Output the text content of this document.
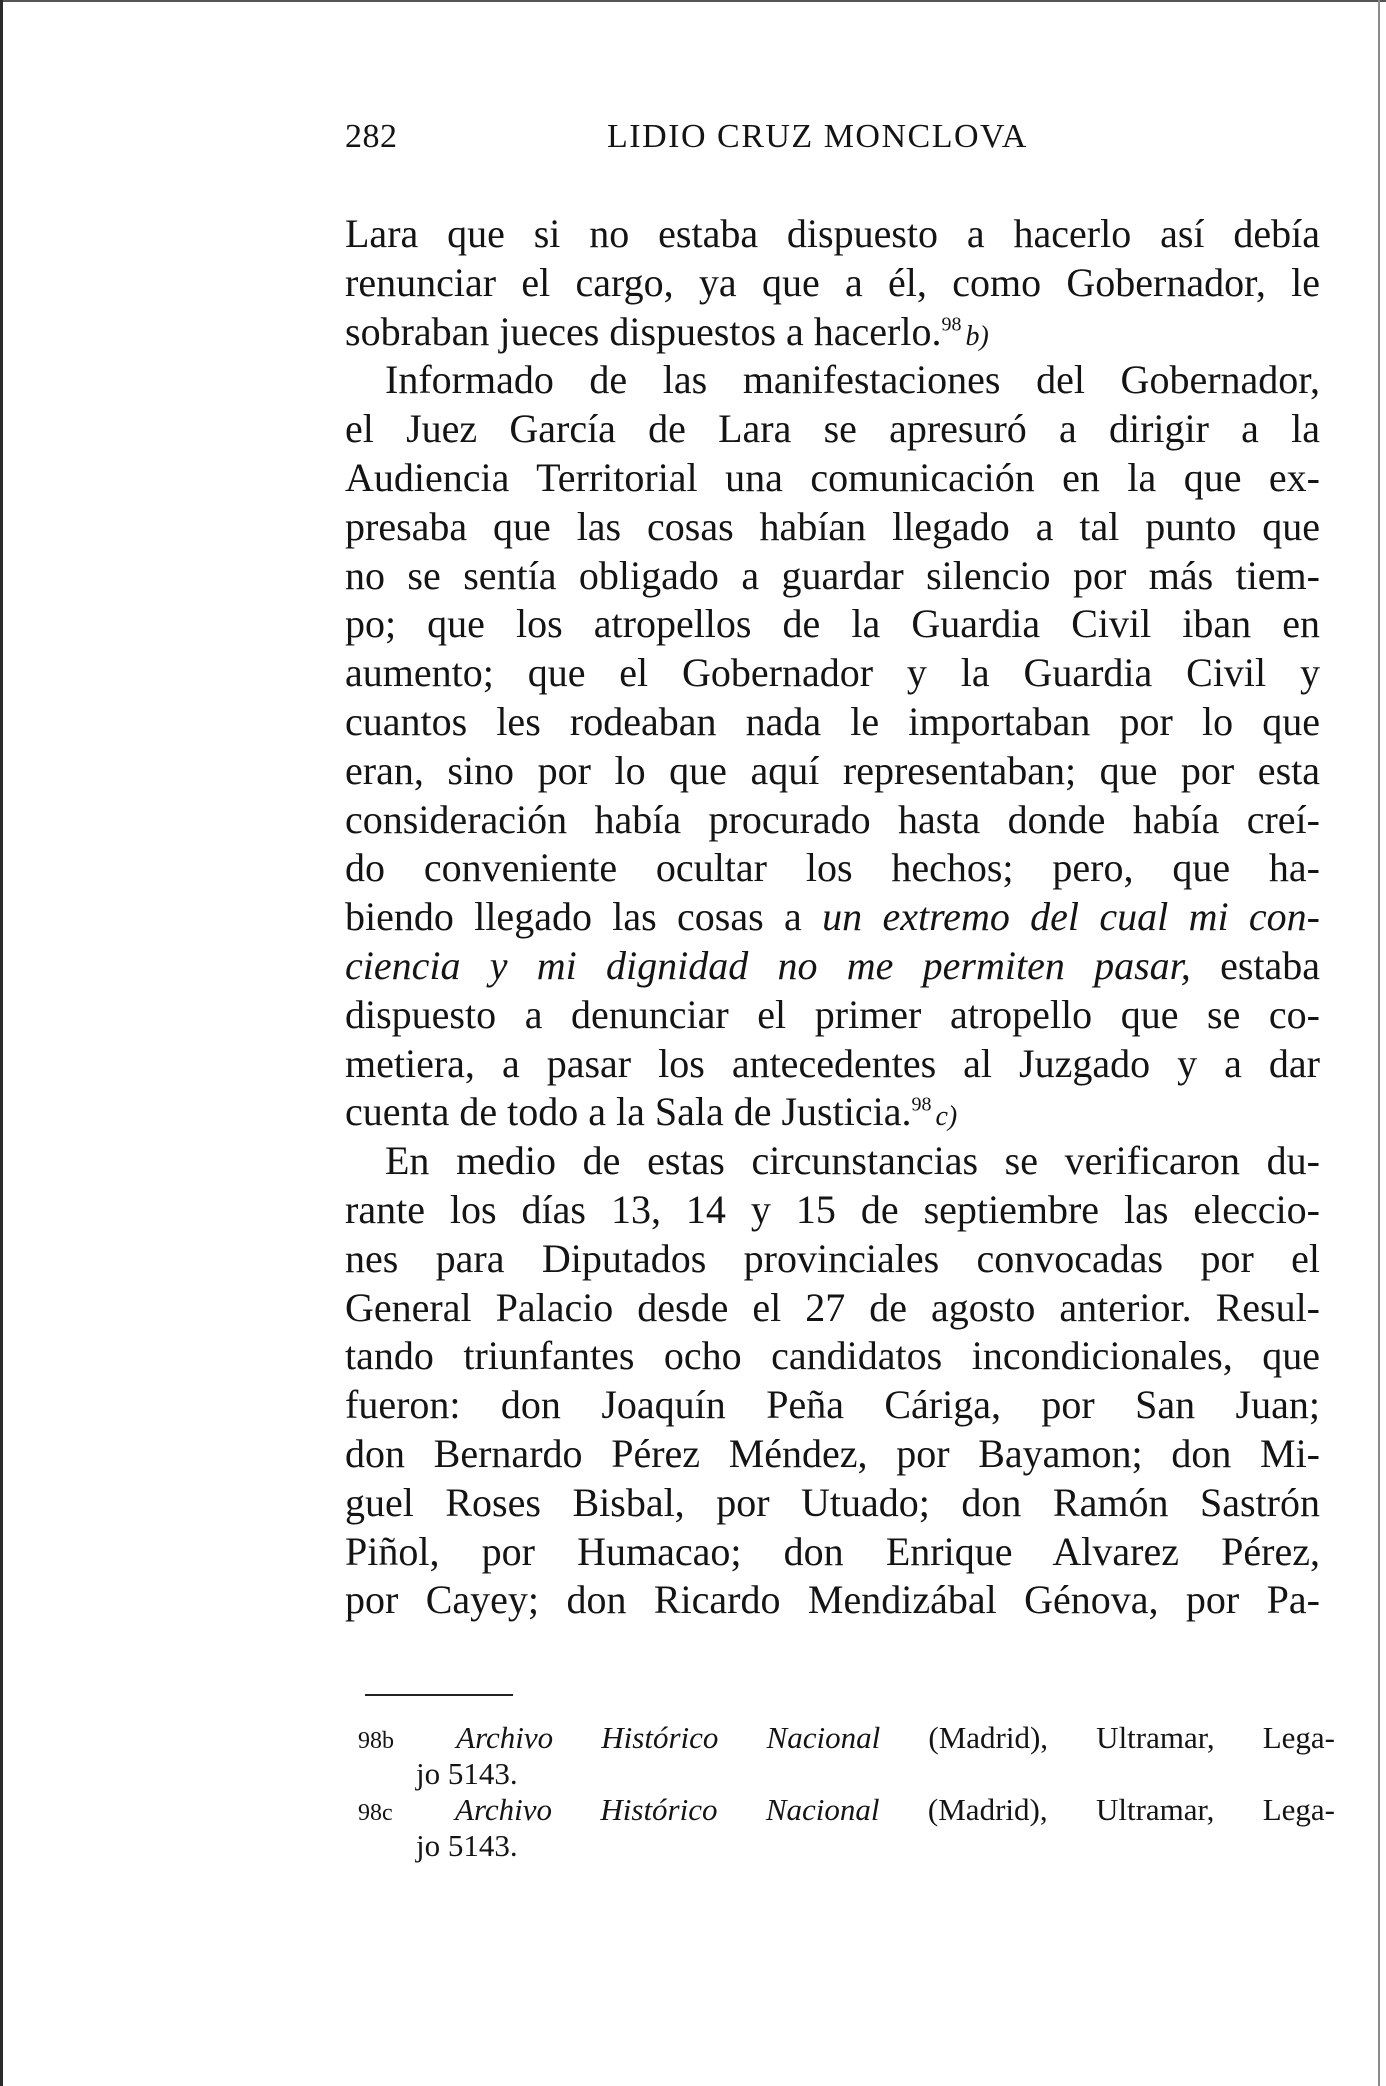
282	LIDIO CRUZ MONCLOVA
Lara que si no estaba dispuesto a hacerlo así debía
renunciar el cargo, ya que a él, como Gobernador, le
sobraban jueces dispuestos a hacerlo.$^{98}$ b)
Informado de las manifestaciones del Gobernador,
el Juez García de Lara se apresuró a dirigir a la
Audiencia Territorial una comunicación en la que ex-
presaba que las cosas habían llegado a tal punto que
no se sentía obligado a guardar silencio por más tiem-
po; que los atropellos de la Guardia Civil iban en
aumento; que el Gobernador y la Guardia Civil y
cuantos les rodeaban nada le importaban por lo que
eran, sino por lo que aquí representaban; que por esta
consideración había procurado hasta donde había creí-
do conveniente ocultar los hechos; pero, que ha-
biendo llegado las cosas a un extremo del cual mi con-
ciencia y mi dignidad no me permiten pasar, estaba
dispuesto a denunciar el primer atropello que se co-
metiera, a pasar los antecedentes al Juzgado y a dar
cuenta de todo a la Sala de Justicia.$^{98}$ c)
En medio de estas circunstancias se verificaron du-
rante los días 13, 14 y 15 de septiembre las eleccio-
nes para Diputados provinciales convocadas por el
General Palacio desde el 27 de agosto anterior. Resul-
tando triunfantes ocho candidatos incondicionales, que
fueron: don Joaquín Peña Cáriga, por San Juan;
don Bernardo Pérez Méndez, por Bayamon; don Mi-
guel Roses Bisbal, por Utuado; don Ramón Sastrón
Piñol, por Humacao; don Enrique Alvarez Pérez,
por Cayey; don Ricardo Mendizábal Génova, por Pa-
98b Archivo Histórico Nacional (Madrid), Ultramar, Lega-
jo 5143.
98c Archivo Histórico Nacional (Madrid), Ultramar, Lega-
jo 5143.
